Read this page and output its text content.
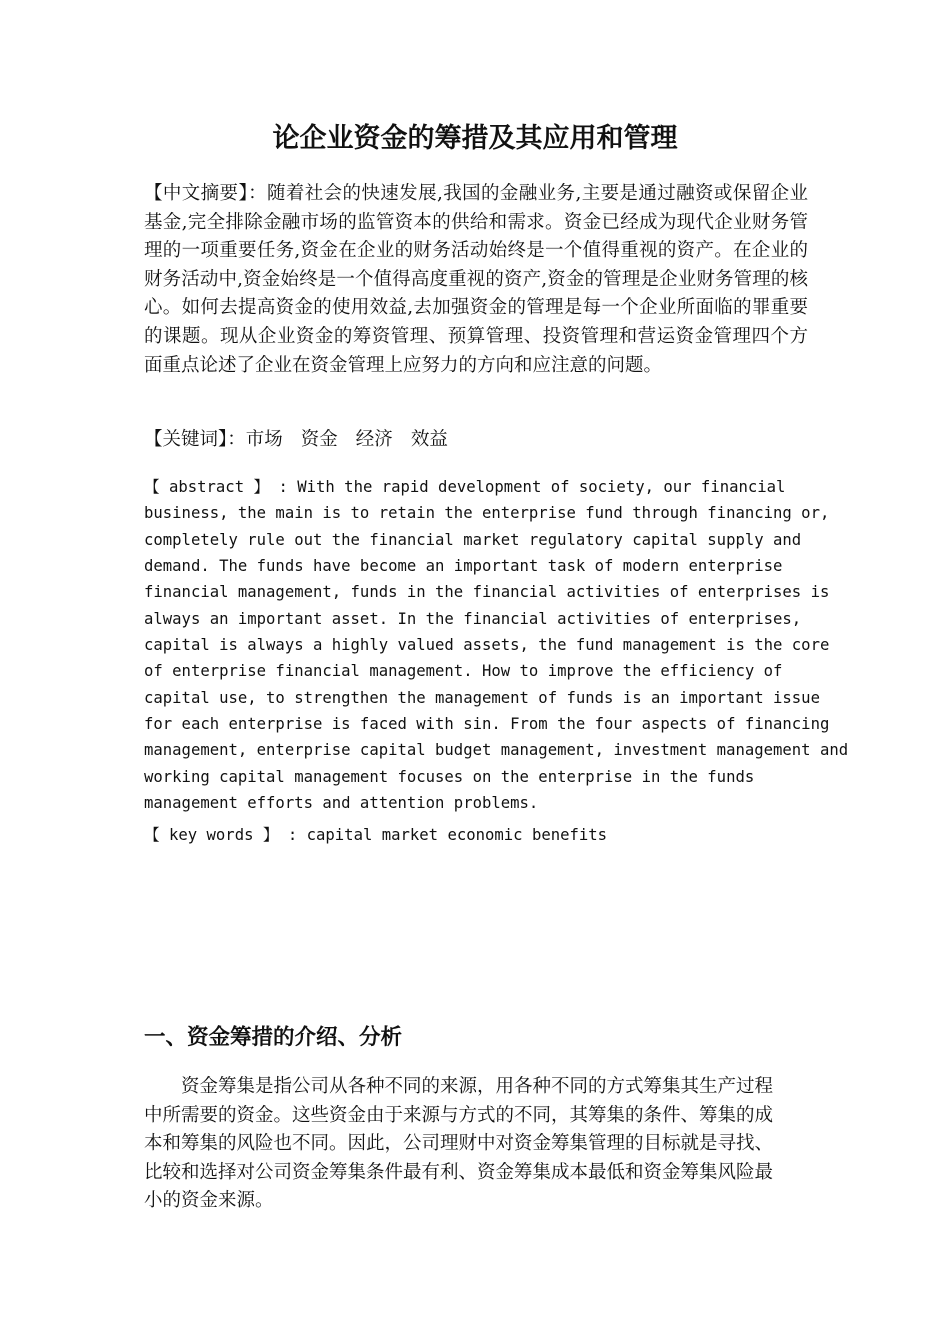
论企业资金的筹措及其应用和管理
【中文摘要】：随着社会的快速发展,我国的金融业务,主要是通过融资或保留企业基金,完全排除金融市场的监管资本的供给和需求。资金已经成为现代企业财务管理的一项重要任务,资金在企业的财务活动始终是一个值得重视的资产。在企业的财务活动中,资金始终是一个值得高度重视的资产,资金的管理是企业财务管理的核心。如何去提高资金的使用效益,去加强资金的管理是每一个企业所面临的罪重要的课题。现从企业资金的筹资管理、预算管理、投资管理和营运资金管理四个方面重点论述了企业在资金管理上应努力的方向和应注意的问题。
【关键词】：市场 资金 经济 效益
【 abstract 】 : With the rapid development of society, our financial
business, the main is to retain the enterprise fund through financing or,
completely rule out the financial market regulatory capital supply and
demand. The funds have become an important task of modern enterprise
financial management, funds in the financial activities of enterprises is
always an important asset. In the financial activities of enterprises,
capital is always a highly valued assets, the fund management is the core
of enterprise financial management. How to improve the efficiency of
capital use, to strengthen the management of funds is an important issue
for each enterprise is faced with sin. From the four aspects of financing
management, enterprise capital budget management, investment management and
working capital management focuses on the enterprise in the funds
management efforts and attention problems.
【 key words 】 : capital market economic benefits
一、资金筹措的介绍、分析
　　资金筹集是指公司从各种不同的来源，用各种不同的方式筹集其生产过程
中所需要的资金。这些资金由于来源与方式的不同，其筹集的条件、筹集的成
本和筹集的风险也不同。因此，公司理财中对资金筹集管理的目标就是寻找、
比较和选择对公司资金筹集条件最有利、资金筹集成本最低和资金筹集风险最
小的资金来源。
